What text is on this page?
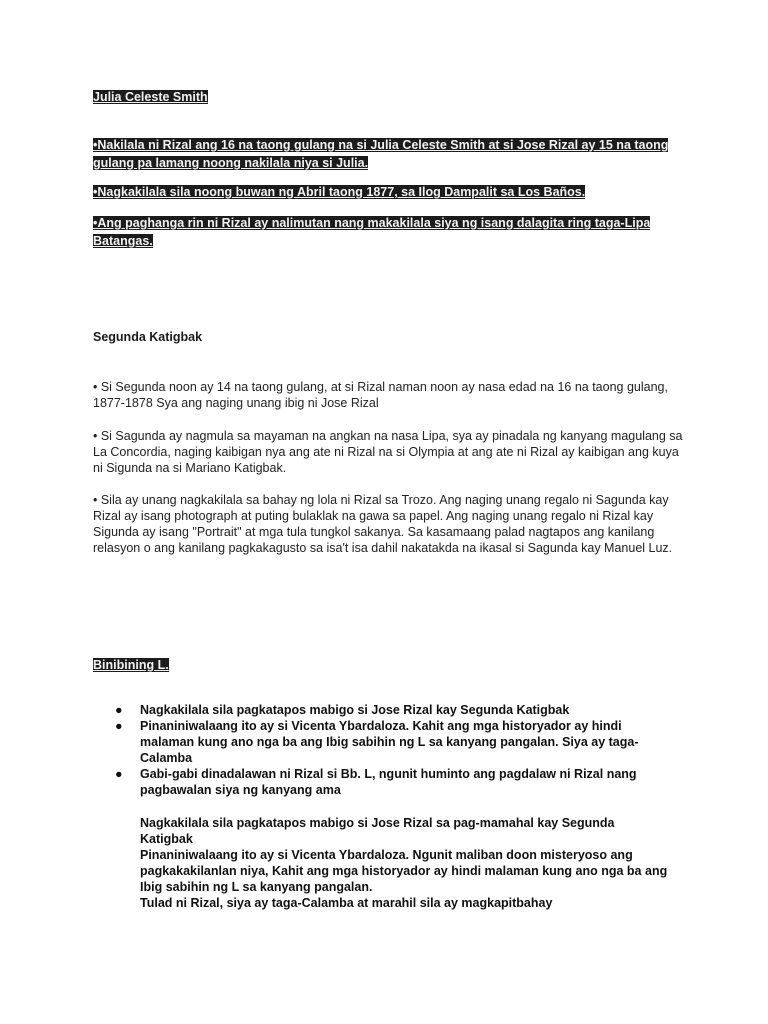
Julia Celeste Smith

•Nakilala ni Rizal ang 16 na taong gulang na si Julia Celeste Smith at si Jose Rizal ay 15 na taong gulang pa lamang noong nakilala niya si Julia.

•Nagkakilala sila noong buwan ng Abril taong 1877, sa Ilog Dampalit sa Los Baños.

•Ang paghanga rin ni Rizal ay nalimutan nang makakilala siya ng isang dalagita ring taga-Lipa Batangas.

Segunda Katigbak

• Si Segunda noon ay 14 na taong gulang, at si Rizal naman noon ay nasa edad na 16 na taong gulang, 1877-1878 Sya ang naging unang ibig ni Jose Rizal

• Si Sagunda ay nagmula sa mayaman na angkan na nasa Lipa, sya ay pinadala ng kanyang magulang sa La Concordia, naging kaibigan nya ang ate ni Rizal na si Olympia at ang ate ni Rizal ay kaibigan ang kuya ni Sigunda na si Mariano Katigbak.

• Sila ay unang nagkakilala sa bahay ng lola ni Rizal sa Trozo. Ang naging unang regalo ni Sagunda kay Rizal ay isang photograph at puting bulaklak na gawa sa papel. Ang naging unang regalo ni Rizal kay Sigunda ay isang "Portrait" at mga tula tungkol sakanya. Sa kasamaang palad nagtapos ang kanilang relasyon o ang kanilang pagkakagusto sa isa't isa dahil nakatakda na ikasal si Sagunda kay Manuel Luz.

Binibining L.

● Nagkakilala sila pagkatapos mabigo si Jose Rizal kay Segunda Katigbak
● Pinaniniwalaang ito ay si Vicenta Ybardaloza. Kahit ang mga historyador ay hindi malaman kung ano nga ba ang Ibig sabihin ng L sa kanyang pangalan. Siya ay taga-Calamba
● Gabi-gabi dinadalawan ni Rizal si Bb. L, ngunit huminto ang pagdalaw ni Rizal nang pagbawalan siya ng kanyang ama

Nagkakilala sila pagkatapos mabigo si Jose Rizal sa pag-mamahal kay Segunda Katigbak

Pinaniniwalaang ito ay si Vicenta Ybardaloza. Ngunit maliban doon misteryoso ang pagkakakilanlan niya, Kahit ang mga historyador ay hindi malaman kung ano nga ba ang Ibig sabihin ng L sa kanyang pangalan.

Tulad ni Rizal, siya ay taga-Calamba at marahil sila ay magkapitbahay
